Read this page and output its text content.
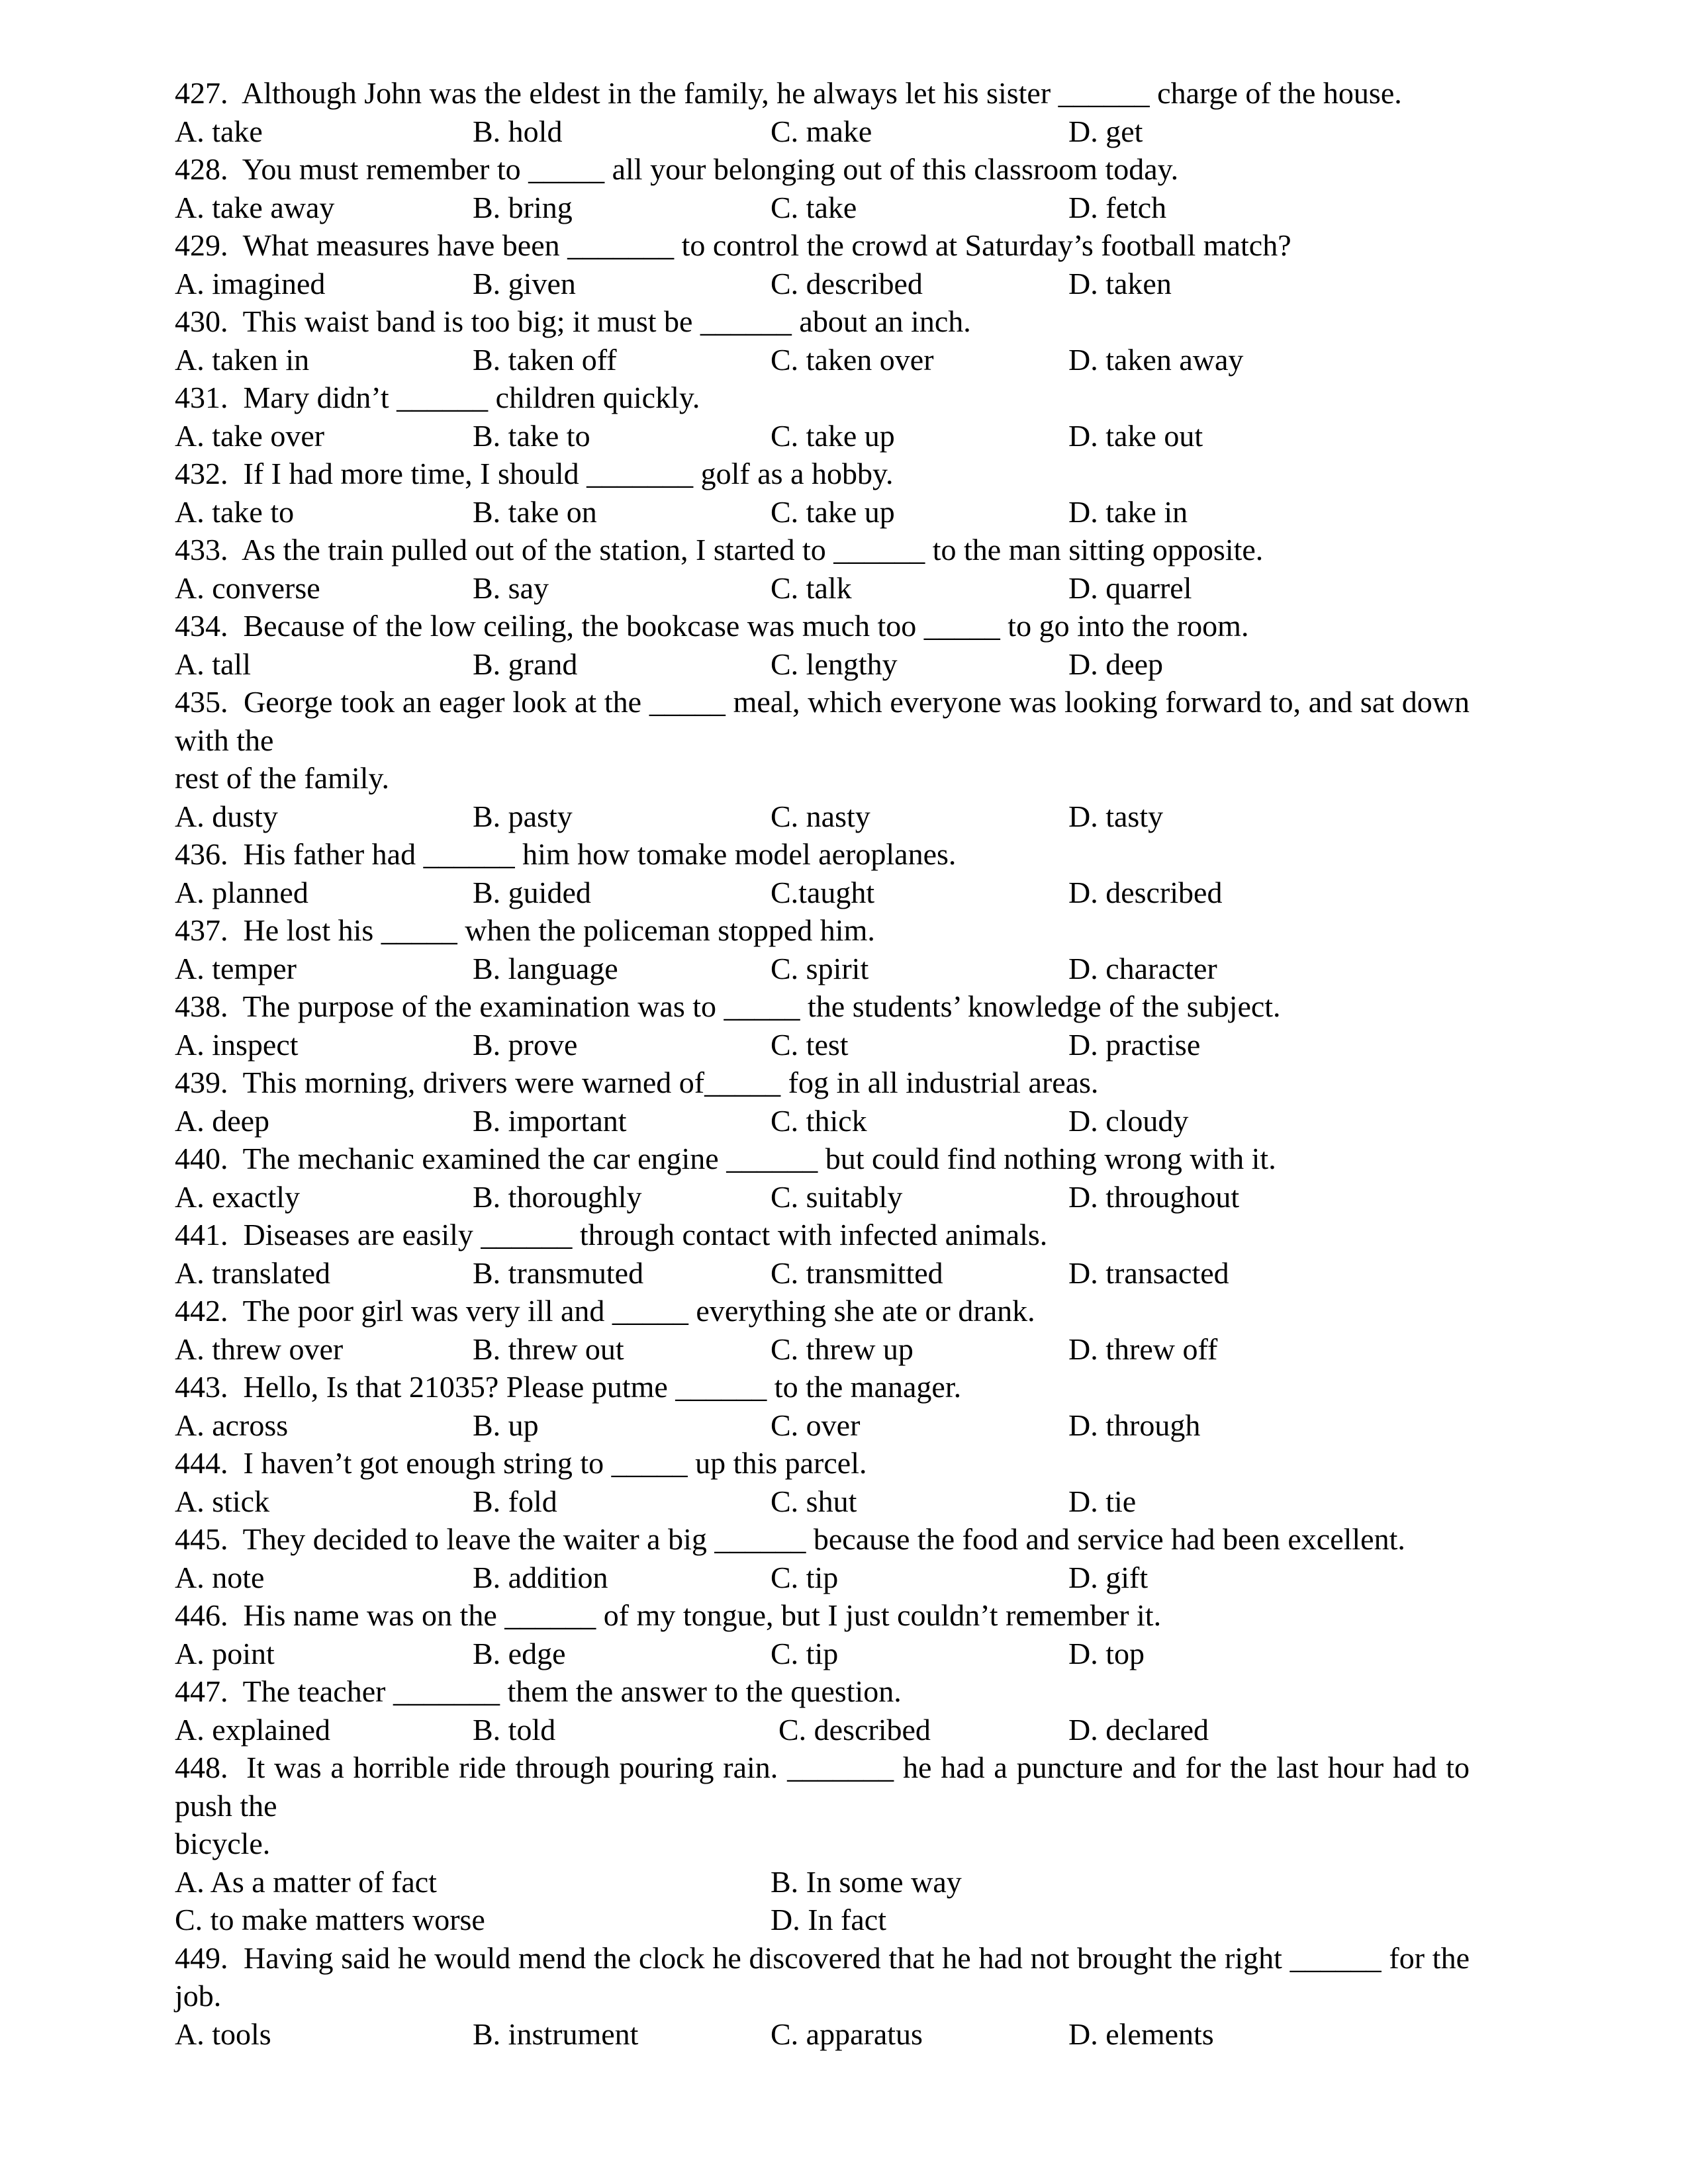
427. Although John was the eldest in the family, he always let his sister ______ charge of the house.

A. take	B. hold	C. make	D. get

428. You must remember to _____ all your belonging out of this classroom today.

A. take away	B. bring	C. take	D. fetch

429. What measures have been _______ to control the crowd at Saturday’s football match?

A. imagined	B. given	C. described	D. taken

430. This waist band is too big; it must be ______ about an inch.

A. taken in	B. taken off	C. taken over	D. taken away

431. Mary didn’t ______ children quickly.

A. take over	B. take to	C. take up	D. take out

432. If I had more time, I should _______ golf as a hobby.

A. take to	B. take on	C. take up	D. take in

433. As the train pulled out of the station, I started to ______ to the man sitting opposite.

A. converse	B. say	C. talk	D. quarrel

434. Because of the low ceiling, the bookcase was much too _____ to go into the room.

A. tall	B. grand	C. lengthy	D. deep

435. George took an eager look at the _____ meal, which everyone was looking forward to, and sat down with the

rest of the family.

A. dusty	B. pasty	C. nasty	D. tasty

436. His father had ______ him how tomake model aeroplanes.

A. planned	B. guided	C.taught	D. described

437. He lost his _____ when the policeman stopped him.

A. temper	B. language	C. spirit	D. character

438. The purpose of the examination was to _____ the students’ knowledge of the subject.

A. inspect	B. prove	C. test	D. practise

439. This morning, drivers were warned of_____ fog in all industrial areas.

A. deep	B. important	C. thick	D. cloudy

440. The mechanic examined the car engine ______ but could find nothing wrong with it.

A. exactly	B. thoroughly	C. suitably	D. throughout

441. Diseases are easily ______ through contact with infected animals.

A. translated	B. transmuted	C. transmitted	D. transacted

442. The poor girl was very ill and _____ everything she ate or drank.

A. threw over	B. threw out	C. threw up	D. threw off

443. Hello, Is that 21035? Please putme ______ to the manager.

A. across	B. up	C. over	D. through

444. I haven’t got enough string to _____ up this parcel.

A. stick	B. fold	C. shut	D. tie

445. They decided to leave the waiter a big ______ because the food and service had been excellent.

A. note	B. addition	C. tip	D. gift

446. His name was on the ______ of my tongue, but I just couldn’t remember it.

A. point	B. edge	C. tip	D. top

447. The teacher _______ them the answer to the question.

A. explained	B. told	C. described	D. declared

448. It was a horrible ride through pouring rain. _______ he had a puncture and for the last hour had to push the

bicycle.

A. As a matter of fact	B. In some way
C. to make matters worse	D. In fact

449. Having said he would mend the clock he discovered that he had not brought the right ______ for the job.

A. tools	B. instrument	C. apparatus	D. elements
